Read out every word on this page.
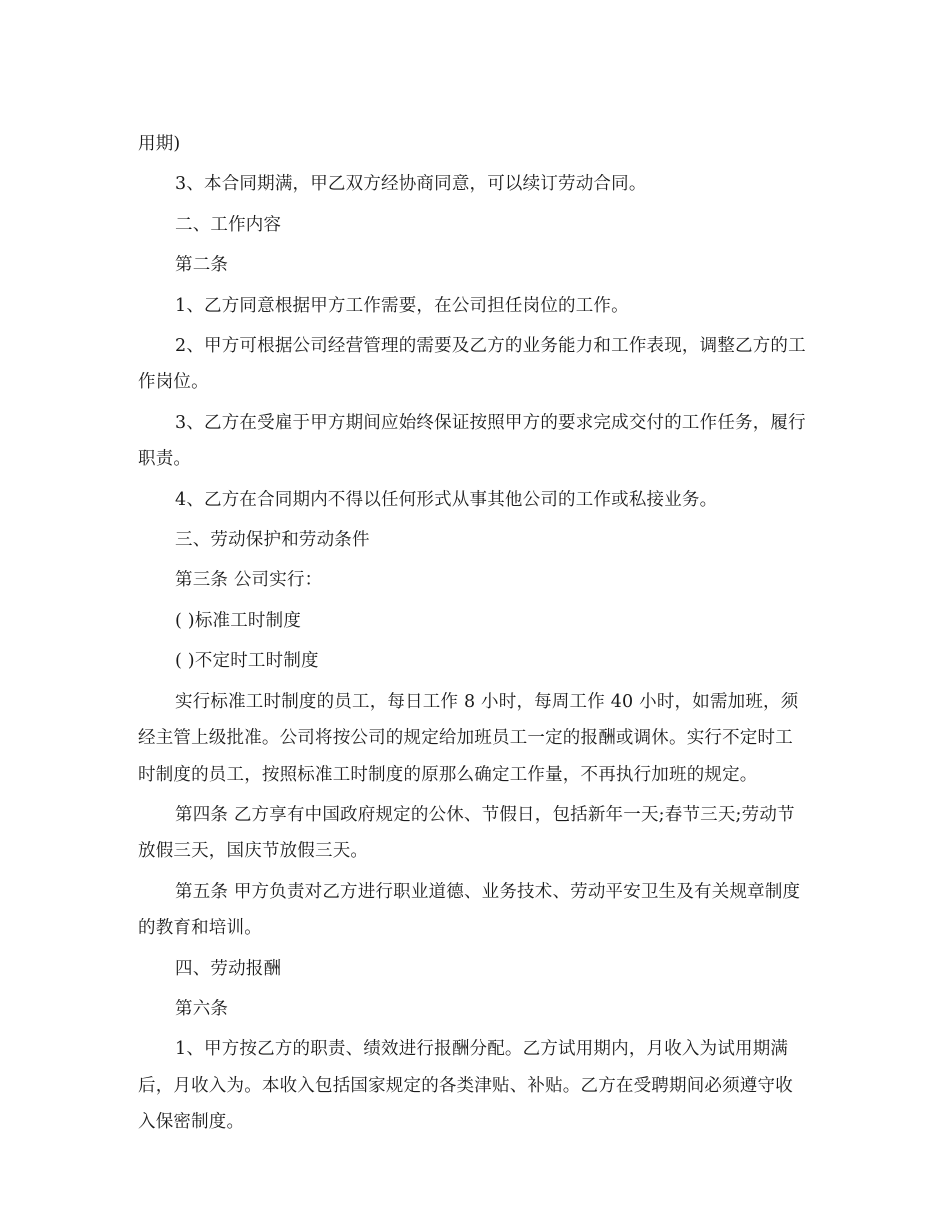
用期)

3、本合同期满，甲乙双方经协商同意，可以续订劳动合同。

二、工作内容

第二条

1、乙方同意根据甲方工作需要，在公司担任岗位的工作。

2、甲方可根据公司经营管理的需要及乙方的业务能力和工作表现，调整乙方的工作岗位。

3、乙方在受雇于甲方期间应始终保证按照甲方的要求完成交付的工作任务，履行职责。

4、乙方在合同期内不得以任何形式从事其他公司的工作或私接业务。

三、劳动保护和劳动条件

第三条 公司实行：

( )标准工时制度

( )不定时工时制度

实行标准工时制度的员工，每日工作 8 小时，每周工作 40 小时，如需加班，须经主管上级批准。公司将按公司的规定给加班员工一定的报酬或调休。实行不定时工时制度的员工，按照标准工时制度的原那么确定工作量，不再执行加班的规定。

第四条 乙方享有中国政府规定的公休、节假日，包括新年一天;春节三天;劳动节放假三天，国庆节放假三天。

第五条 甲方负责对乙方进行职业道德、业务技术、劳动平安卫生及有关规章制度的教育和培训。

四、劳动报酬

第六条

1、甲方按乙方的职责、绩效进行报酬分配。乙方试用期内，月收入为试用期满后，月收入为。本收入包括国家规定的各类津贴、补贴。乙方在受聘期间必须遵守收入保密制度。
